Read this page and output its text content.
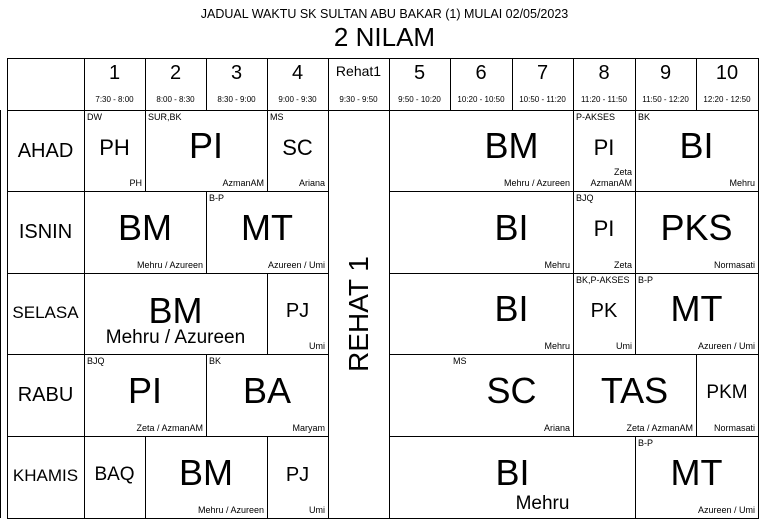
JADUAL WAKTU SK SULTAN ABU BAKAR (1) MULAI 02/05/2023
2 NILAM
1
7:30 - 8:00
2
8:00 - 8:30
3
8:30 - 9:00
4
9:00 - 9:30
Rehat1
9:30 - 9:50
5
9:50 - 10:20
6
10:20 - 10:50
7
10:50 - 11:20
8
11:20 - 11:50
9
11:50 - 12:20
10
12:20 - 12:50
AHAD
ISNIN
SELASA
RABU
KHAMIS
REHAT 1
DW
PH
PH
SUR,BK
PI
AzmanAM
MS
SC
Ariana
BM
Mehru / Azureen
P-AKSES
PI
Zeta
AzmanAM
BK
BI
Mehru
BM
Mehru / Azureen
B-P
MT
Azureen / Umi
BI
Mehru
BJQ
PI
Zeta
PKS
Normasati
BM
Mehru / Azureen
PJ
Umi
BI
Mehru
BK,P-AKSES
PK
Umi
B-P
MT
Azureen / Umi
BJQ
PI
Zeta / AzmanAM
BK
BA
Maryam
MS
SC
Ariana
TAS
Zeta / AzmanAM
PKM
Normasati
BAQ	BM
Mehru / Azureen
PJ
Umi
BI
Mehru
B-P
MT
Azureen / Umi
